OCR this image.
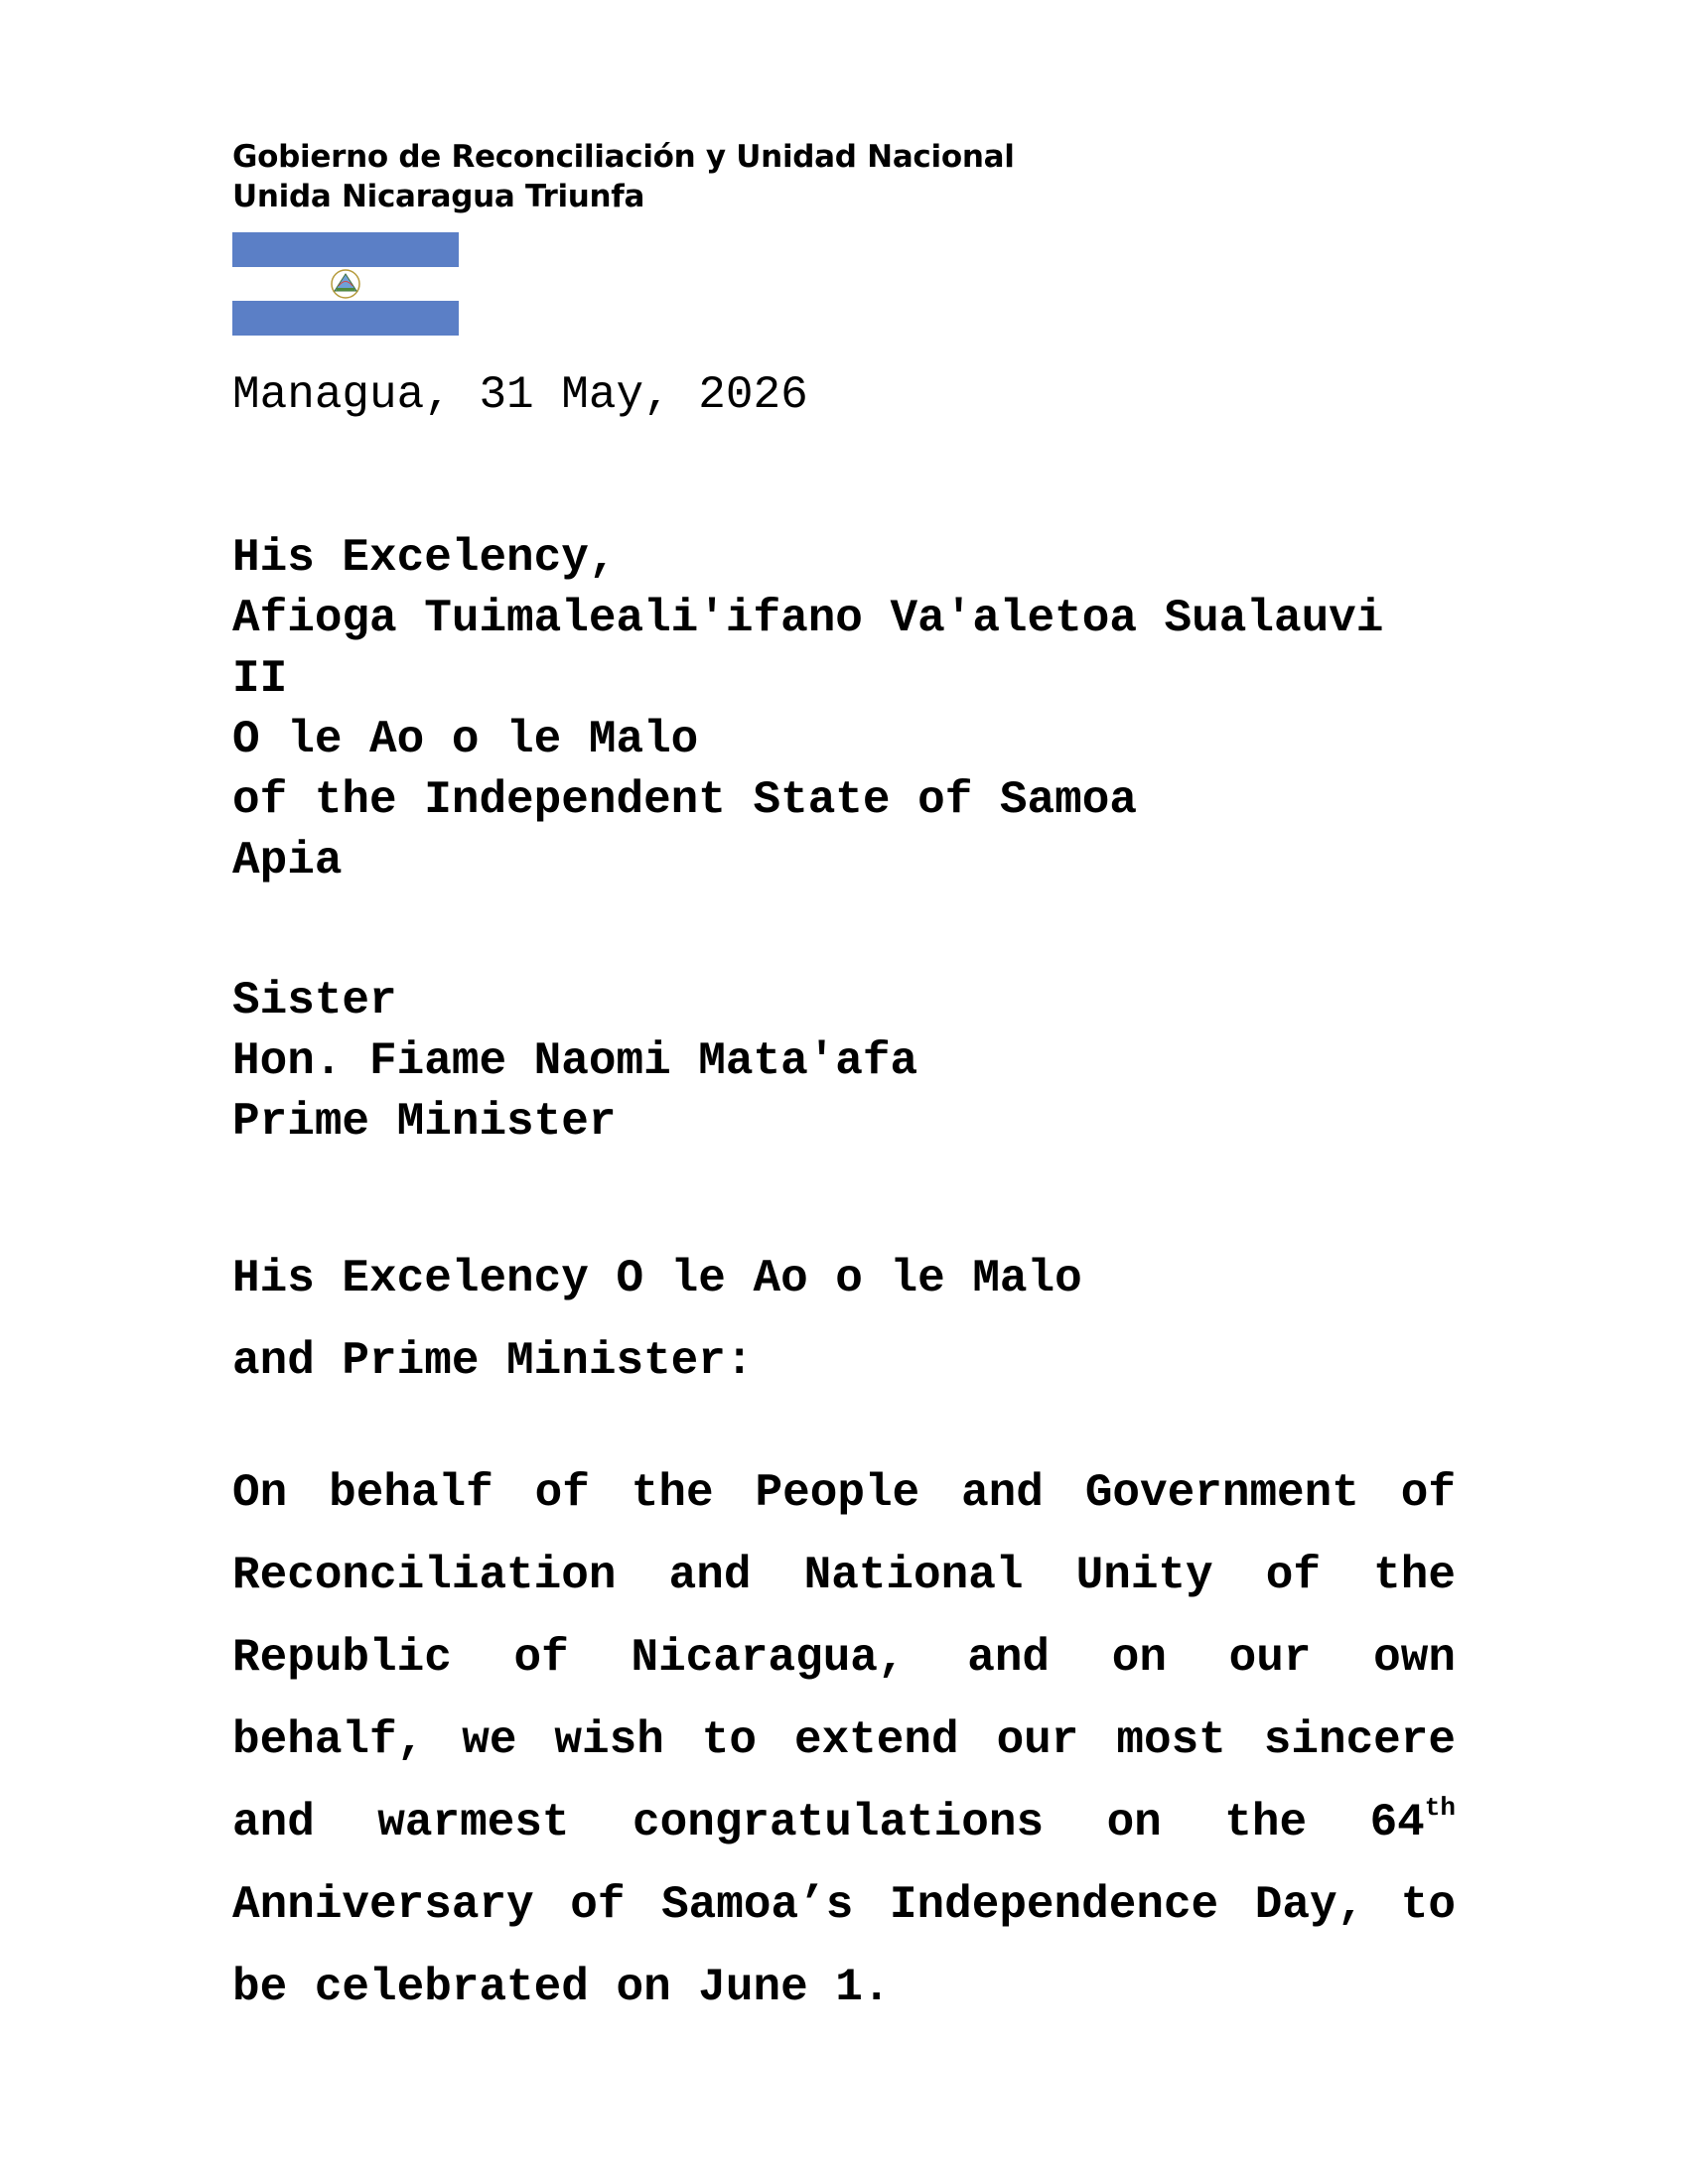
Gobierno de Reconciliación y Unidad Nacional
Unida Nicaragua Triunfa
Managua, 31 May, 2026
His Excelency,
Afioga Tuimaleali'ifano Va'aletoa Sualauvi II
O le Ao o le Malo
of the Independent State of Samoa
Apia
Sister
Hon. Fiame Naomi Mata'afa
Prime Minister
His Excelency O le Ao o le Malo
and Prime Minister:
On behalf of the People and Government of Reconciliation and National Unity of the Republic of Nicaragua, and on our own behalf, we wish to extend our most sincere and warmest congratulations on the 64th Anniversary of Samoa’s Independence Day, to be celebrated on June 1.
